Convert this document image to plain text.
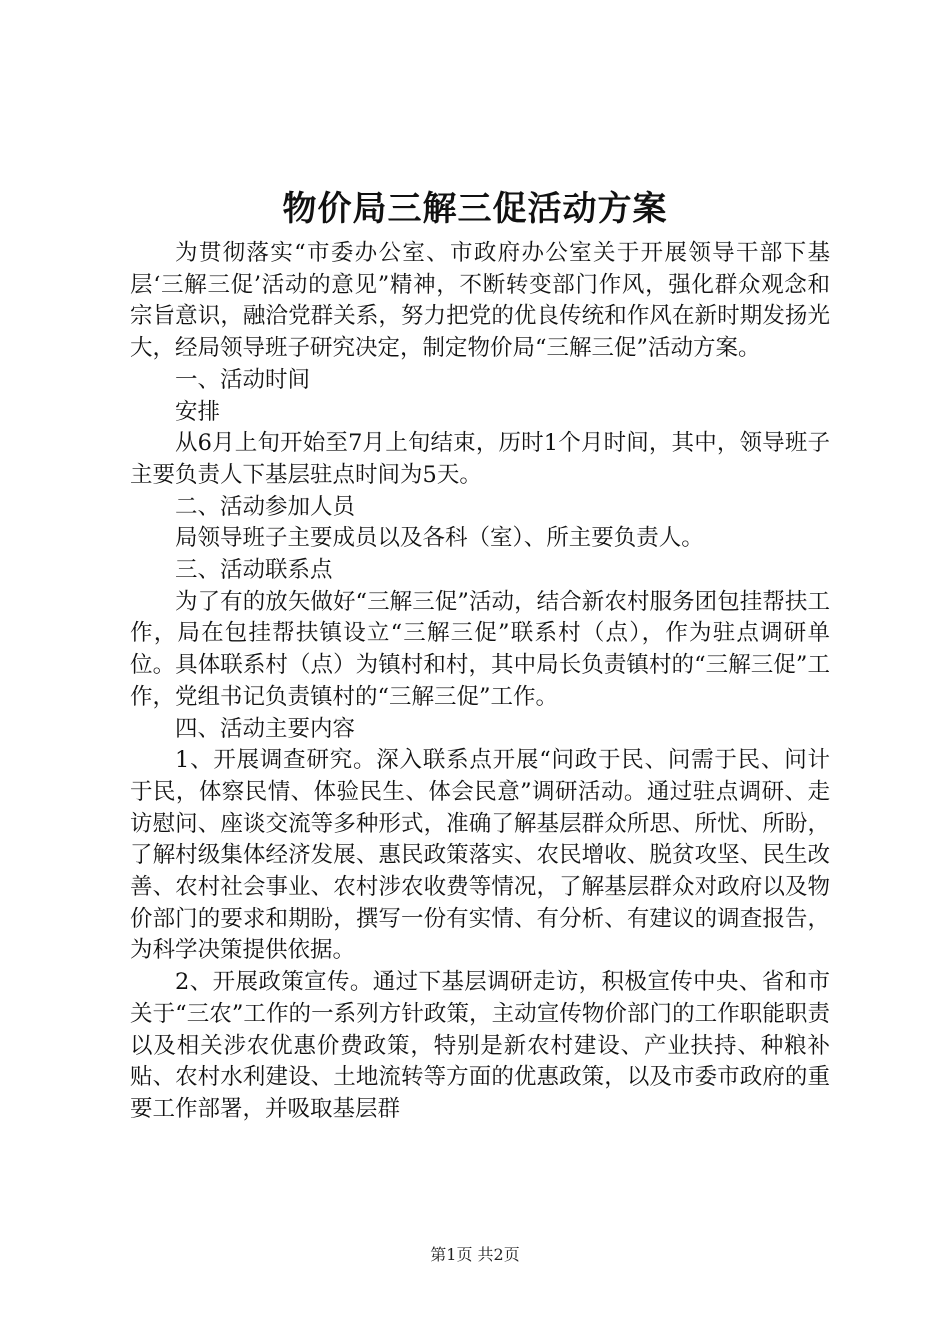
物价局三解三促活动方案

为贯彻落实“市委办公室、市政府办公室关于开展领导干部下基层‘三解三促’活动的意见”精神，不断转变部门作风，强化群众观念和宗旨意识，融洽党群关系，努力把党的优良传统和作风在新时期发扬光大，经局领导班子研究决定，制定物价局“三解三促”活动方案。

一、活动时间

安排

从6月上旬开始至7月上旬结束，历时1个月时间，其中，领导班子主要负责人下基层驻点时间为5天。

二、活动参加人员

局领导班子主要成员以及各科（室）、所主要负责人。

三、活动联系点

为了有的放矢做好“三解三促”活动，结合新农村服务团包挂帮扶工作，局在包挂帮扶镇设立“三解三促”联系村（点），作为驻点调研单位。具体联系村（点）为镇村和村，其中局长负责镇村的“三解三促”工作，党组书记负责镇村的“三解三促”工作。

四、活动主要内容

1、开展调查研究。深入联系点开展“问政于民、问需于民、问计于民，体察民情、体验民生、体会民意”调研活动。通过驻点调研、走访慰问、座谈交流等多种形式，准确了解基层群众所思、所忧、所盼，了解村级集体经济发展、惠民政策落实、农民增收、脱贫攻坚、民生改善、农村社会事业、农村涉农收费等情况，了解基层群众对政府以及物价部门的要求和期盼，撰写一份有实情、有分析、有建议的调查报告，为科学决策提供依据。

2、开展政策宣传。通过下基层调研走访，积极宣传中央、省和市关于“三农”工作的一系列方针政策，主动宣传物价部门的工作职能职责以及相关涉农优惠价费政策，特别是新农村建设、产业扶持、种粮补贴、农村水利建设、土地流转等方面的优惠政策，以及市委市政府的重要工作部署，并吸取基层群

第1页 共2页
